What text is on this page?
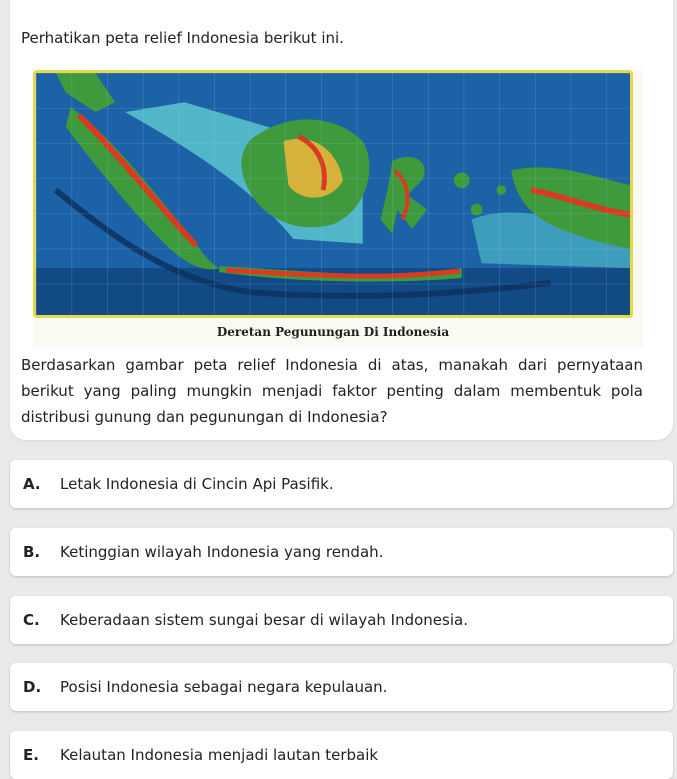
Perhatikan peta relief Indonesia berikut ini.
Deretan Pegunungan Di Indonesia
Berdasarkan gambar peta relief Indonesia di atas, manakah dari pernyataan berikut yang paling mungkin menjadi faktor penting dalam membentuk pola distribusi gunung dan pegunungan di Indonesia?
A.	Letak Indonesia di Cincin Api Pasifik.
B.	Ketinggian wilayah Indonesia yang rendah.
C.	Keberadaan sistem sungai besar di wilayah Indonesia.
D.	Posisi Indonesia sebagai negara kepulauan.
E.	Kelautan Indonesia menjadi lautan terbaik
